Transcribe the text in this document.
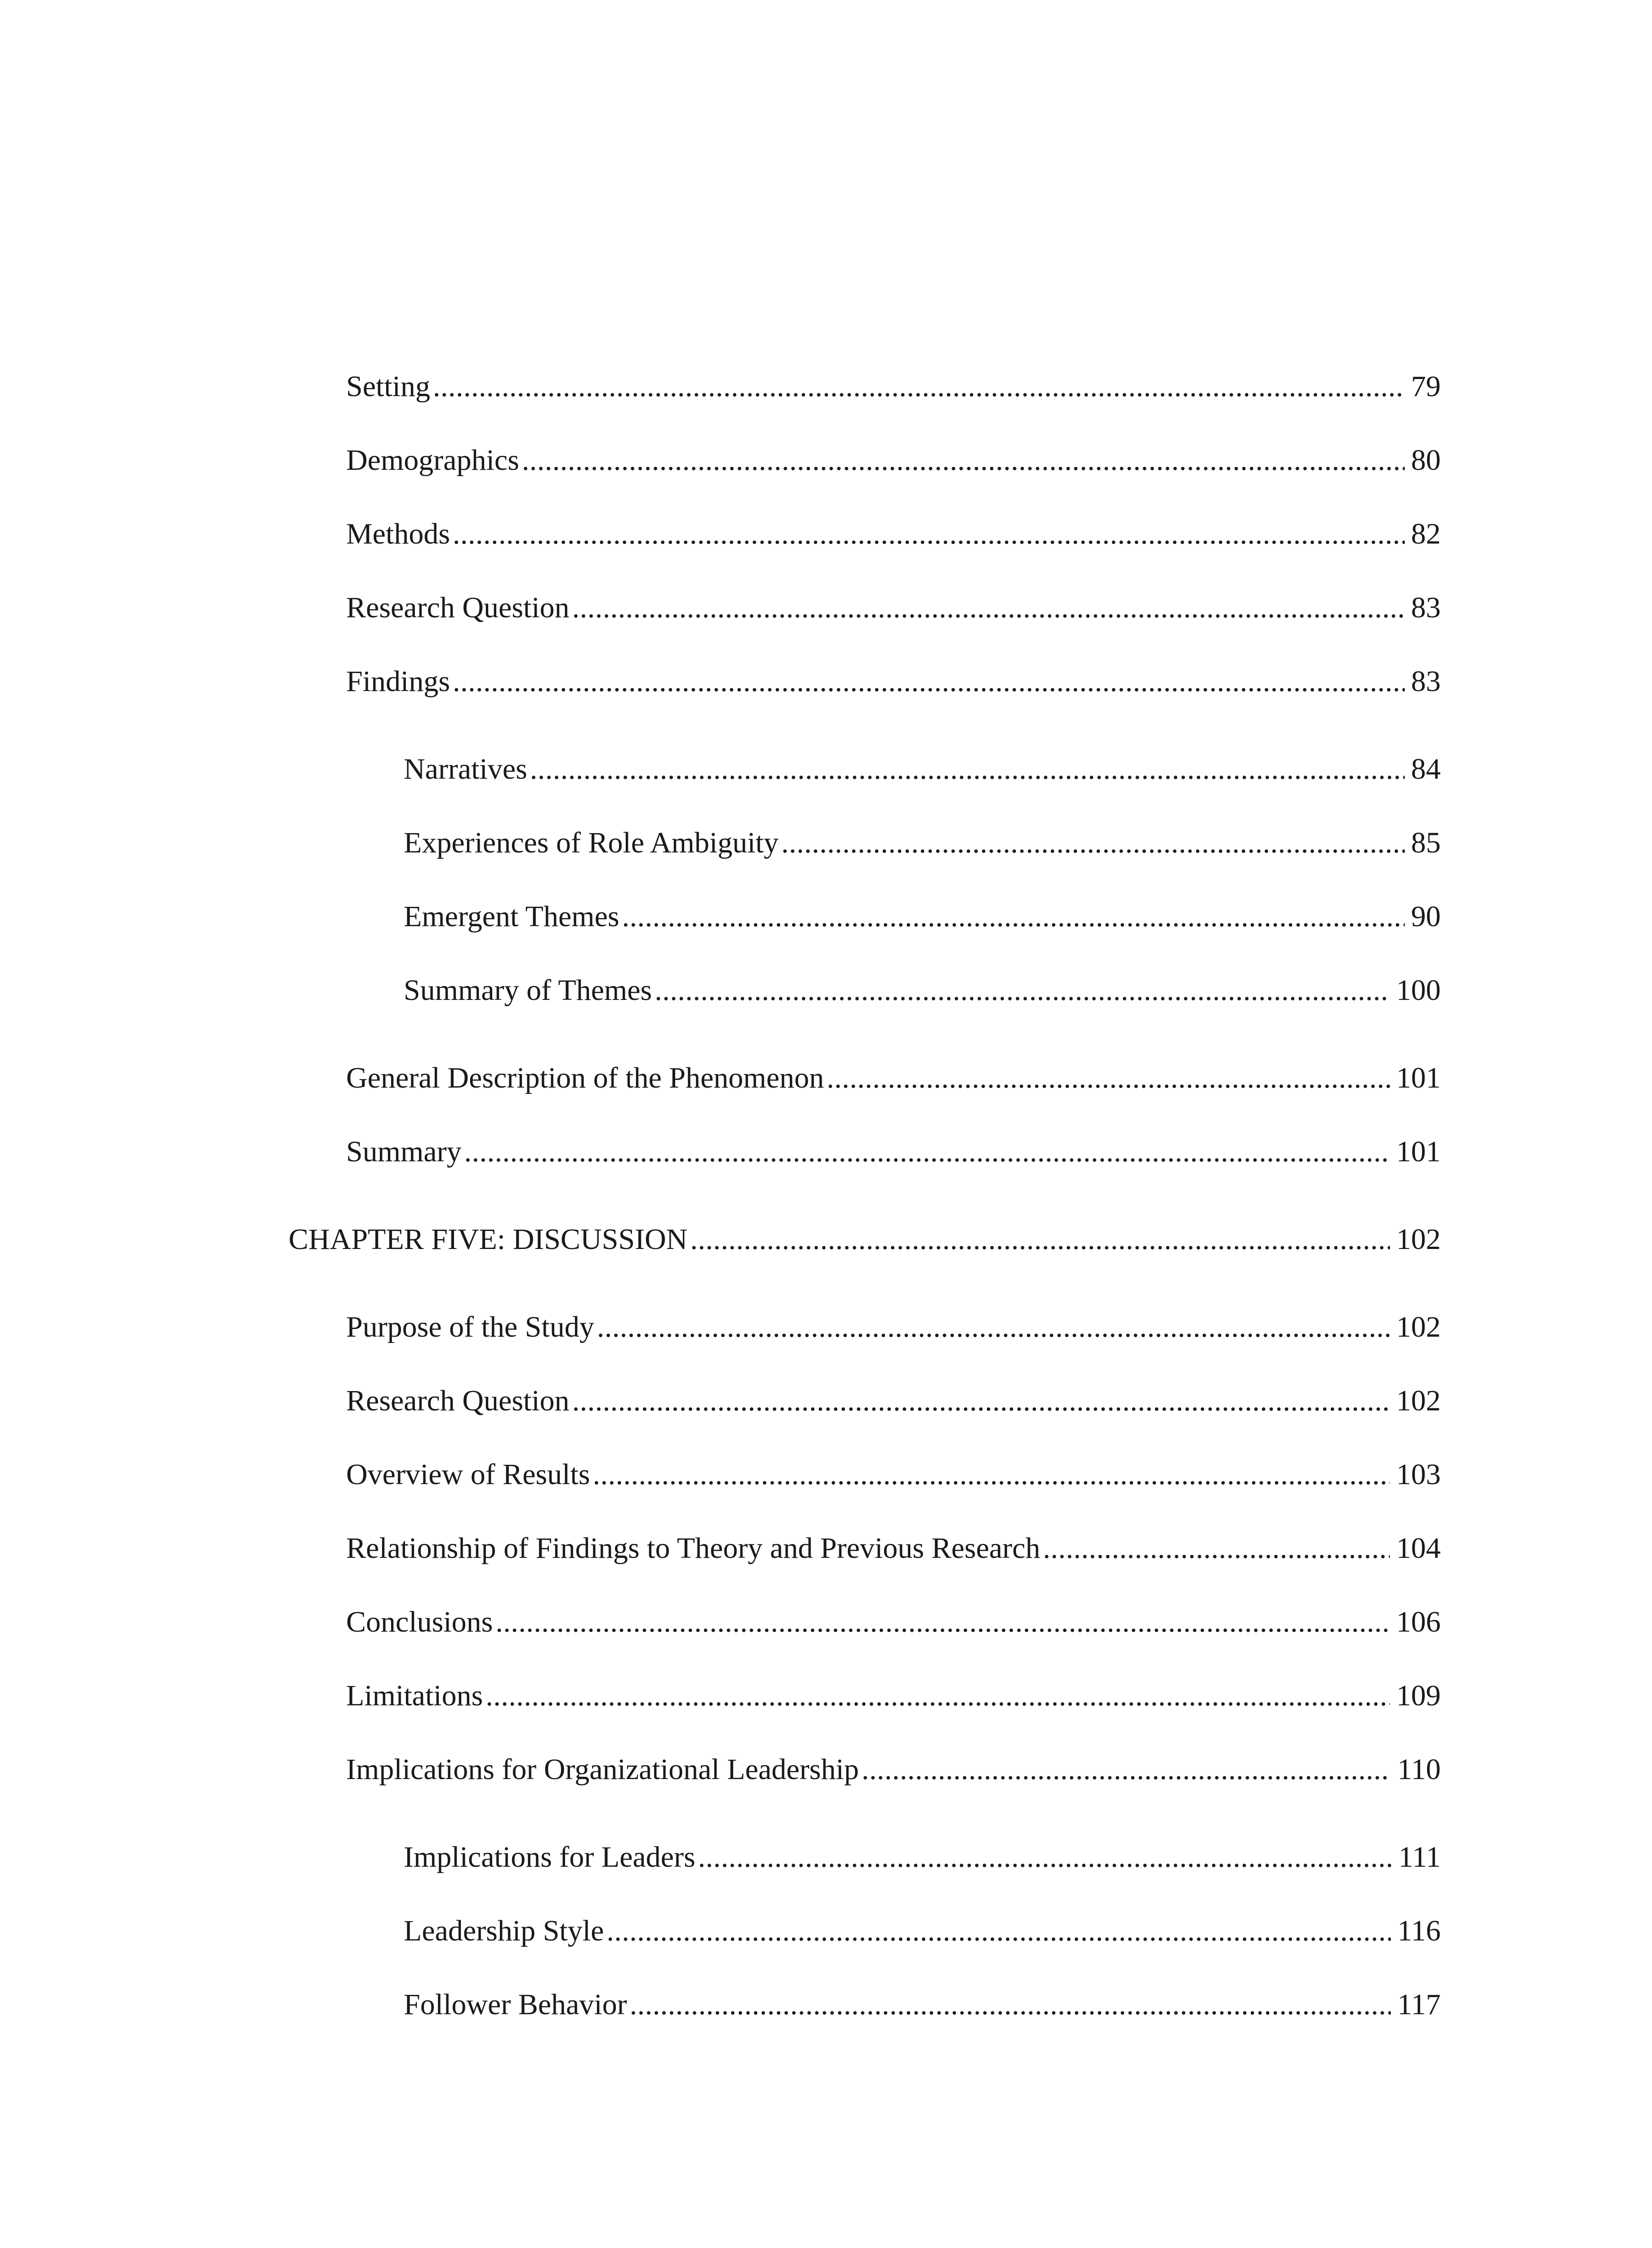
Setting . . .	79
Demographics . . .	80
Methods . . .	82
Research Question . . .	83
Findings . . .	83
Narratives . . .	84
Experiences of Role Ambiguity . . .	85
Emergent Themes . . .	90
Summary of Themes . . .	100
General Description of the Phenomenon . . .	101
Summary . . .	101
CHAPTER FIVE: DISCUSSION . . .	102
Purpose of the Study . . .	102
Research Question . . .	102
Overview of Results . . .	103
Relationship of Findings to Theory and Previous Research . . .	104
Conclusions . . .	106
Limitations . . .	109
Implications for Organizational Leadership . . .	110
Implications for Leaders . . .	111
Leadership Style . . .	116
Follower Behavior . . .	117
